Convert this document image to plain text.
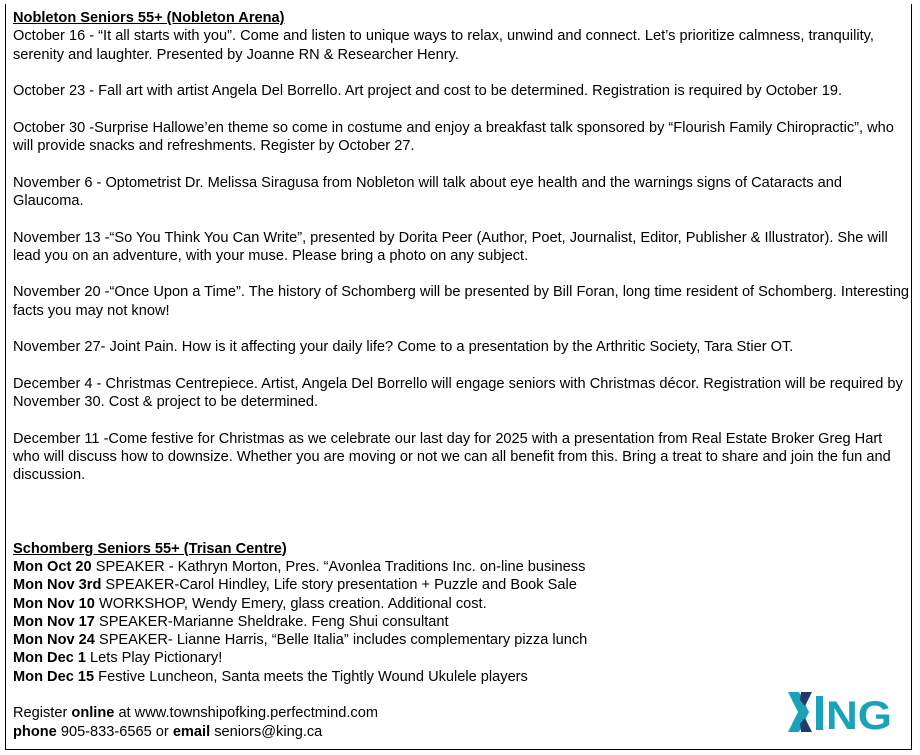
Nobleton Seniors 55+ (Nobleton Arena)

October 16 - “It all starts with you”. Come and listen to unique ways to relax, unwind and connect. Let’s prioritize calmness, tranquility, serenity and laughter. Presented by Joanne RN & Researcher Henry.

October 23 - Fall art with artist Angela Del Borrello. Art project and cost to be determined. Registration is required by October 19.

October 30 -Surprise Hallowe’en theme so come in costume and enjoy a breakfast talk sponsored by “Flourish Family Chiropractic”, who will provide snacks and refreshments. Register by October 27.

November 6 - Optometrist Dr. Melissa Siragusa from Nobleton will talk about eye health and the warnings signs of Cataracts and Glaucoma.

November 13 -“So You Think You Can Write”, presented by Dorita Peer (Author, Poet, Journalist, Editor, Publisher & Illustrator). She will lead you on an adventure, with your muse. Please bring a photo on any subject.

November 20 -“Once Upon a Time”. The history of Schomberg will be presented by Bill Foran, long time resident of Schomberg. Interesting facts you may not know!

November 27- Joint Pain. How is it affecting your daily life? Come to a presentation by the Arthritic Society, Tara Stier OT.

December 4 - Christmas Centrepiece. Artist, Angela Del Borrello will engage seniors with Christmas décor. Registration will be required by November 30. Cost & project to be determined.

December 11 -Come festive for Christmas as we celebrate our last day for 2025 with a presentation from Real Estate Broker Greg Hart who will discuss how to downsize. Whether you are moving or not we can all benefit from this. Bring a treat to share and join the fun and discussion.

Schomberg Seniors 55+ (Trisan Centre)

Mon Oct 20 SPEAKER - Kathryn Morton, Pres. “Avonlea Traditions Inc. on-line business

Mon Nov 3rd SPEAKER-Carol Hindley, Life story presentation + Puzzle and Book Sale

Mon Nov 10 WORKSHOP, Wendy Emery, glass creation. Additional cost.

Mon Nov 17 SPEAKER-Marianne Sheldrake. Feng Shui consultant

Mon Nov 24 SPEAKER- Lianne Harris, “Belle Italia” includes complementary pizza lunch

Mon Dec 1 Lets Play Pictionary!

Mon Dec 15 Festive Luncheon, Santa meets the Tightly Wound Ukulele players

Register online at www.townshipofking.perfectmind.com

phone 905-833-6565 or email seniors@king.ca	NG
